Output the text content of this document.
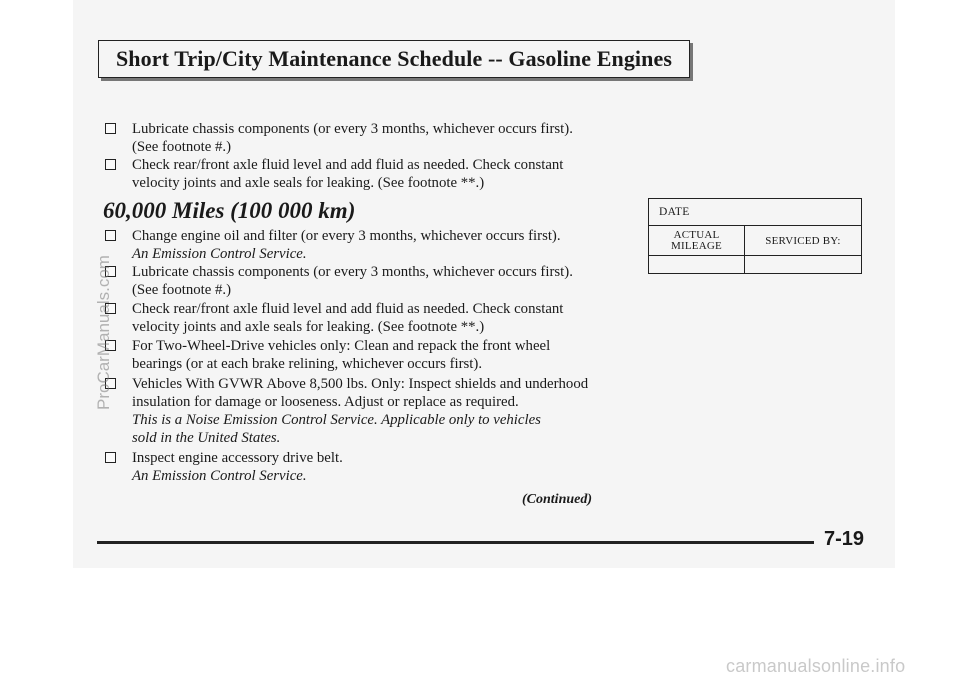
Short Trip/City Maintenance Schedule -- Gasoline Engines
Lubricate chassis components (or every 3 months, whichever occurs first).
(See footnote #.)
Check rear/front axle fluid level and add fluid as needed. Check constant
velocity joints and axle seals for leaking. (See footnote **.)
60,000 Miles (100 000 km)
Change engine oil and filter (or every 3 months, whichever occurs first).
An Emission Control Service.
Lubricate chassis components (or every 3 months, whichever occurs first).
(See footnote #.)
Check rear/front axle fluid level and add fluid as needed. Check constant
velocity joints and axle seals for leaking. (See footnote **.)
For Two-Wheel-Drive vehicles only: Clean and repack the front wheel
bearings (or at each brake relining, whichever occurs first).
Vehicles With GVWR Above 8,500 lbs. Only: Inspect shields and underhood
insulation for damage or looseness. Adjust or replace as required.
This is a Noise Emission Control Service. Applicable only to vehicles
sold in the United States.
Inspect engine accessory drive belt.
An Emission Control Service.
DATE
ACTUAL
MILEAGE	SERVICED BY:
(Continued)
7-19
ProCarManuals.com
carmanualsonline.info
